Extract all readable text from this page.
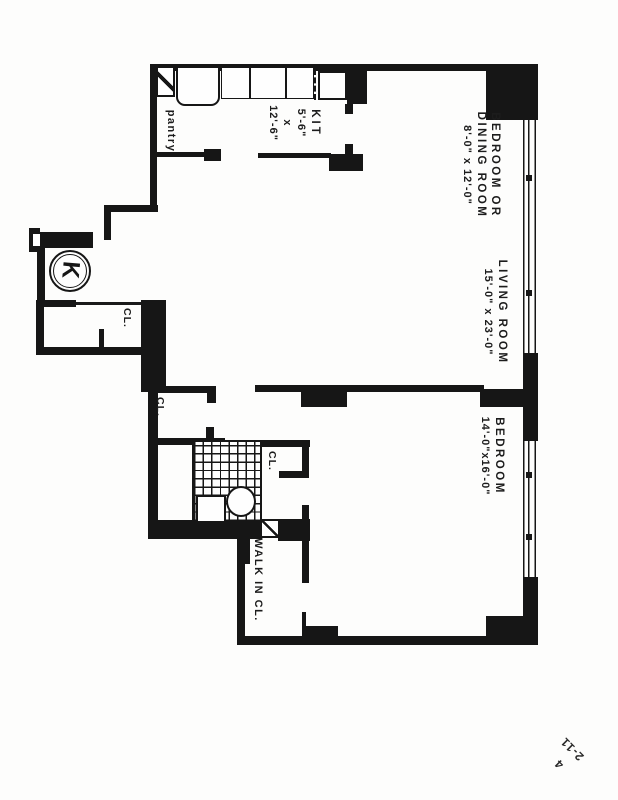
K
BEDROOM OR
DINING ROOM
8'-0" x 12'-0"
LIVING ROOM
15'-0" x 23'-0"
BEDROOM
14'-0"x16'-0"
KIT
5'-6"
x
12'-6"
pantry
CL.
CL.
CL.
WALK IN CL.
2-11
4
